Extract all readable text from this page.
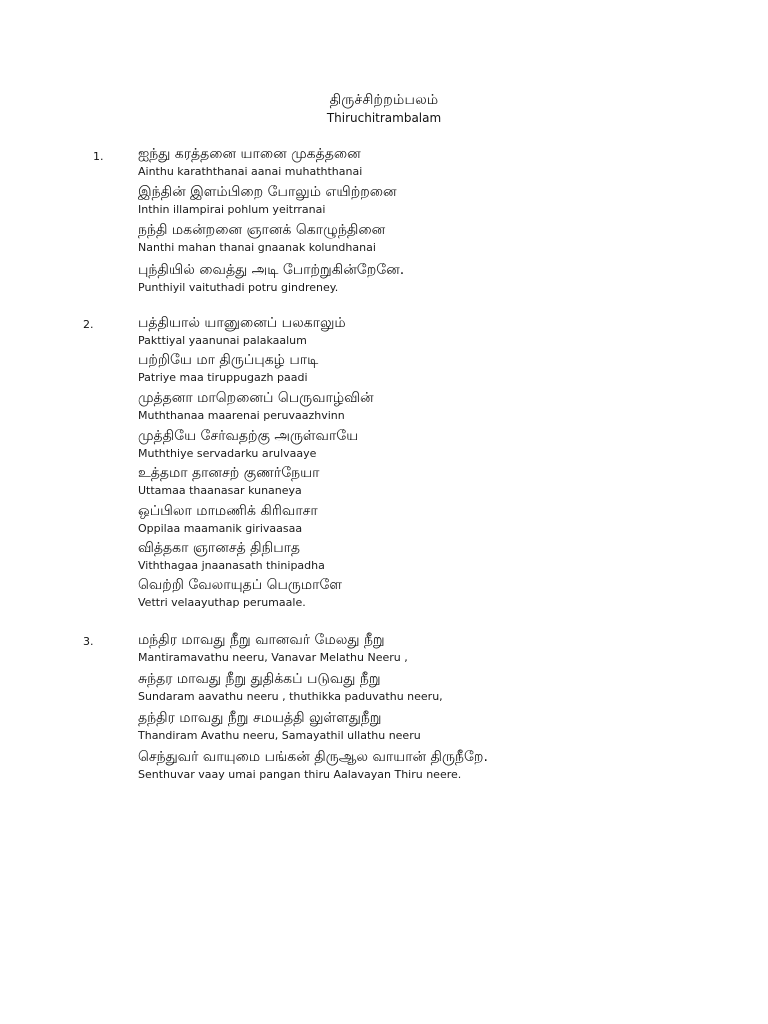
திருச்சிற்றம்பலம்
Thiruchitrambalam
1. ஐந்து கரத்தனை யானை முகத்தனை
Ainthu karaththanai aanai muhaththanai
இந்தின் இளம்பிறை போலும் எயிற்றனை
Inthin illampirai pohlum yeitrranai
நந்தி மகன்றனை ஞானக் கொழுந்தினை
Nanthi mahan thanai gnaanak kolundhanai
புந்தியில் வைத்து அடி போற்றுகின்றேனே.
Punthiyil vaituthadi potru gindreney.
2.	பத்தியால் யானுனைப் பலகாலும்
Pakttiyal yaanunai palakaalum
பற்றியே மா திருப்புகழ் பாடி
Patriye maa tiruppugazh paadi
முத்தனா மாறெனைப் பெருவாழ்வின்
Muththanaa maarenai peruvaazhvinn
முத்தியே சேர்வதற்கு அருள்வாயே
Muththiye servadarku arulvaaye
உத்தமா தானசற் குணர்நேயா
Uttamaa thaanasar kunaneya
ஒப்பிலா மாமணிக் கிரிவாசா
Oppilaa maamanik girivaasaa
வித்தகா ஞானசத் திநிபாத
Viththagaa jnaanasath thinipadha
வெற்றி வேலாயுதப் பெருமாளே
Vettri velaayuthap perumaale.
3.	மந்திர மாவது நீறு வானவர் மேலது நீறு
Mantiramavathu neeru, Vanavar Melathu Neeru ,
சுந்தர மாவது நீறு துதிக்கப் படுவது நீறு
Sundaram aavathu neeru , thuthikka paduvathu neeru,
தந்திர மாவது நீறு சமயத்தி லுள்ளதுநீறு
Thandiram Avathu neeru, Samayathil ullathu neeru
செந்துவர் வாயுமை பங்கன் திருஆல வாயான் திருநீறே.
Senthuvar vaay umai pangan thiru Aalavayan Thiru neere.
